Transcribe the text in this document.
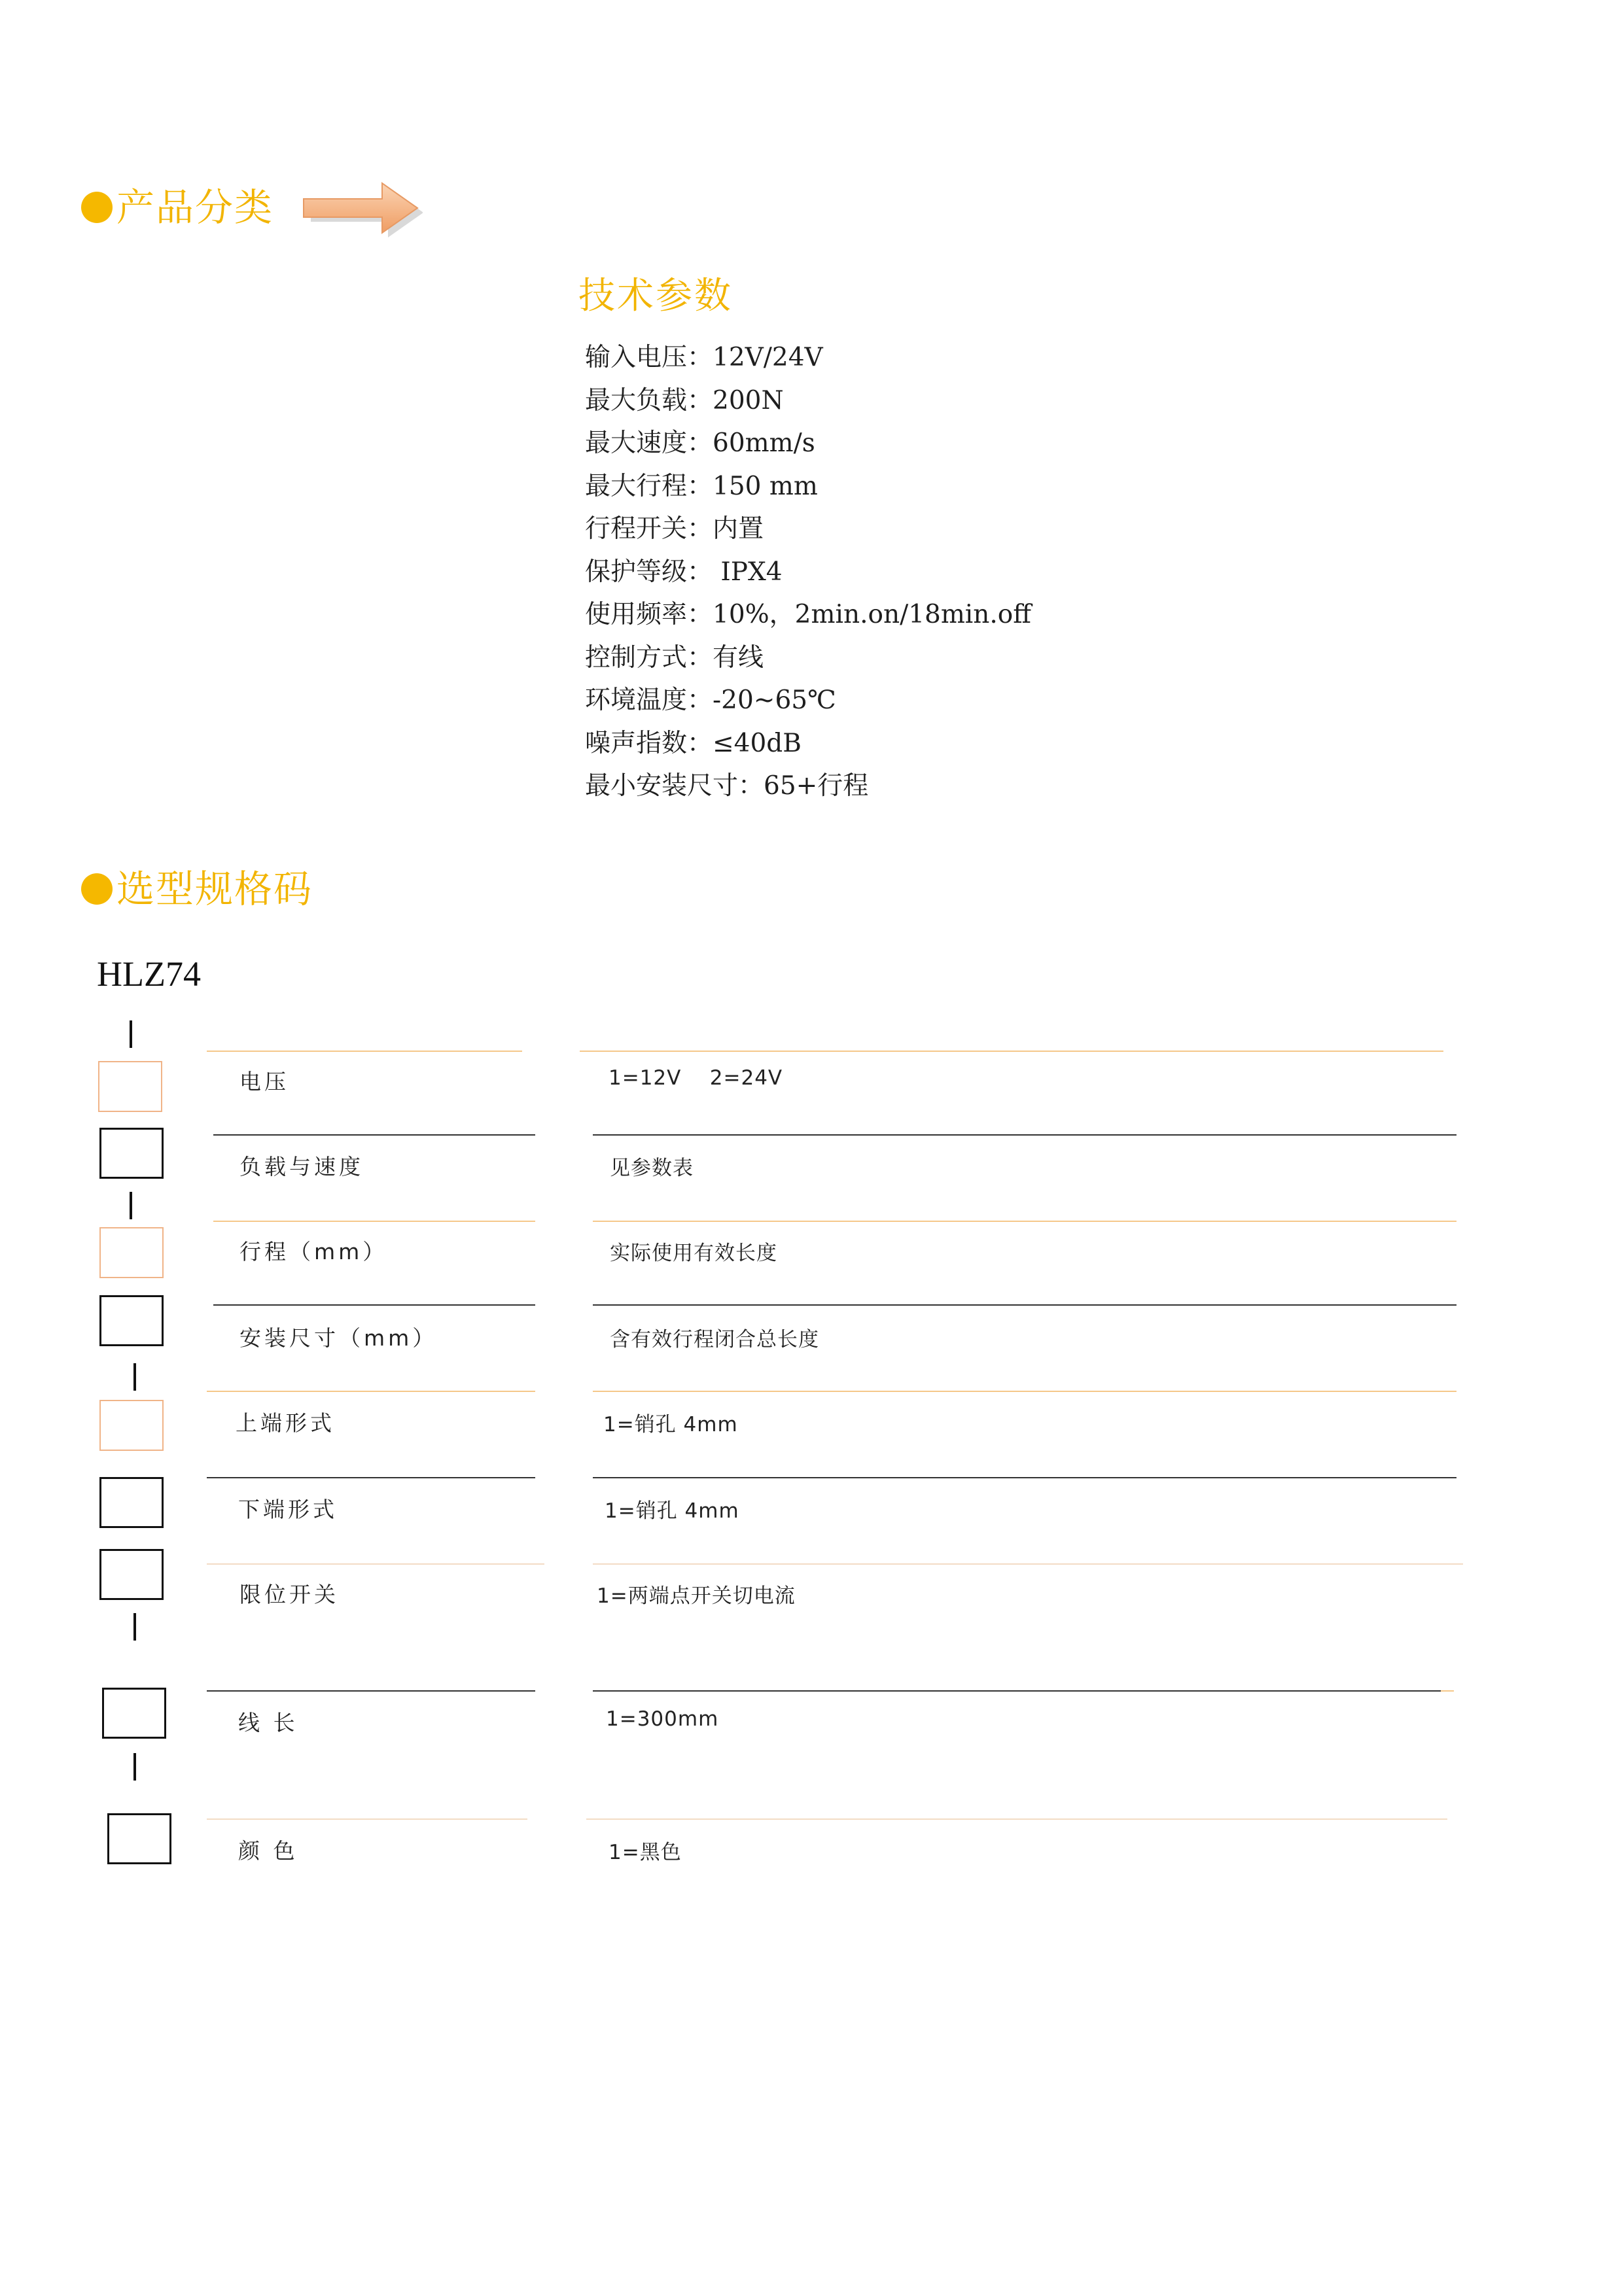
产品分类
技术参数
输入电压：12V/24V
最大负载：200N
最大速度：60mm/s
最大行程：150 mm
行程开关：内置
保护等级： IPX4
使用频率：10%，2min.on/18min.off
控制方式：有线
环境温度：-20~65℃
噪声指数：≤40dB
最小安装尺寸：65+行程
选型规格码
HLZ74
电压
负载与速度
行程（mm）
安装尺寸（mm）
上端形式
下端形式
限位开关
线 长
颜 色
1=12V    2=24V
见参数表
实际使用有效长度
含有效行程闭合总长度
1=销孔 4mm
1=销孔 4mm
1=两端点开关切电流
1=300mm
1=黑色
